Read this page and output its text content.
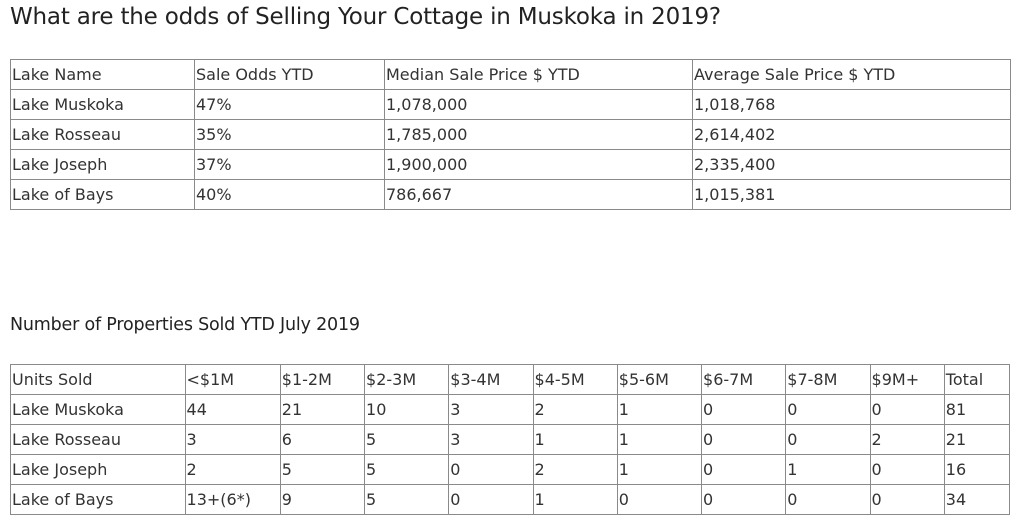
What are the odds of Selling Your Cottage in Muskoka in 2019?
Lake Name	Sale Odds YTD	Median Sale Price $ YTD	Average Sale Price $ YTD
Lake Muskoka	47%	1,078,000	1,018,768
Lake Rosseau	35%	1,785,000	2,614,402
Lake Joseph	37%	1,900,000	2,335,400
Lake of Bays	40%	786,667	1,015,381
Number of Properties Sold YTD July 2019
Units Sold	<$1M	$1-2M	$2-3M	$3-4M	$4-5M	$5-6M	$6-7M	$7-8M	$9M+	Total
Lake Muskoka	44	21	10	3	2	1	0	0	0	81
Lake Rosseau	3	6	5	3	1	1	0	0	2	21
Lake Joseph	2	5	5	0	2	1	0	1	0	16
Lake of Bays	13+(6*)	9	5	0	1	0	0	0	0	34
